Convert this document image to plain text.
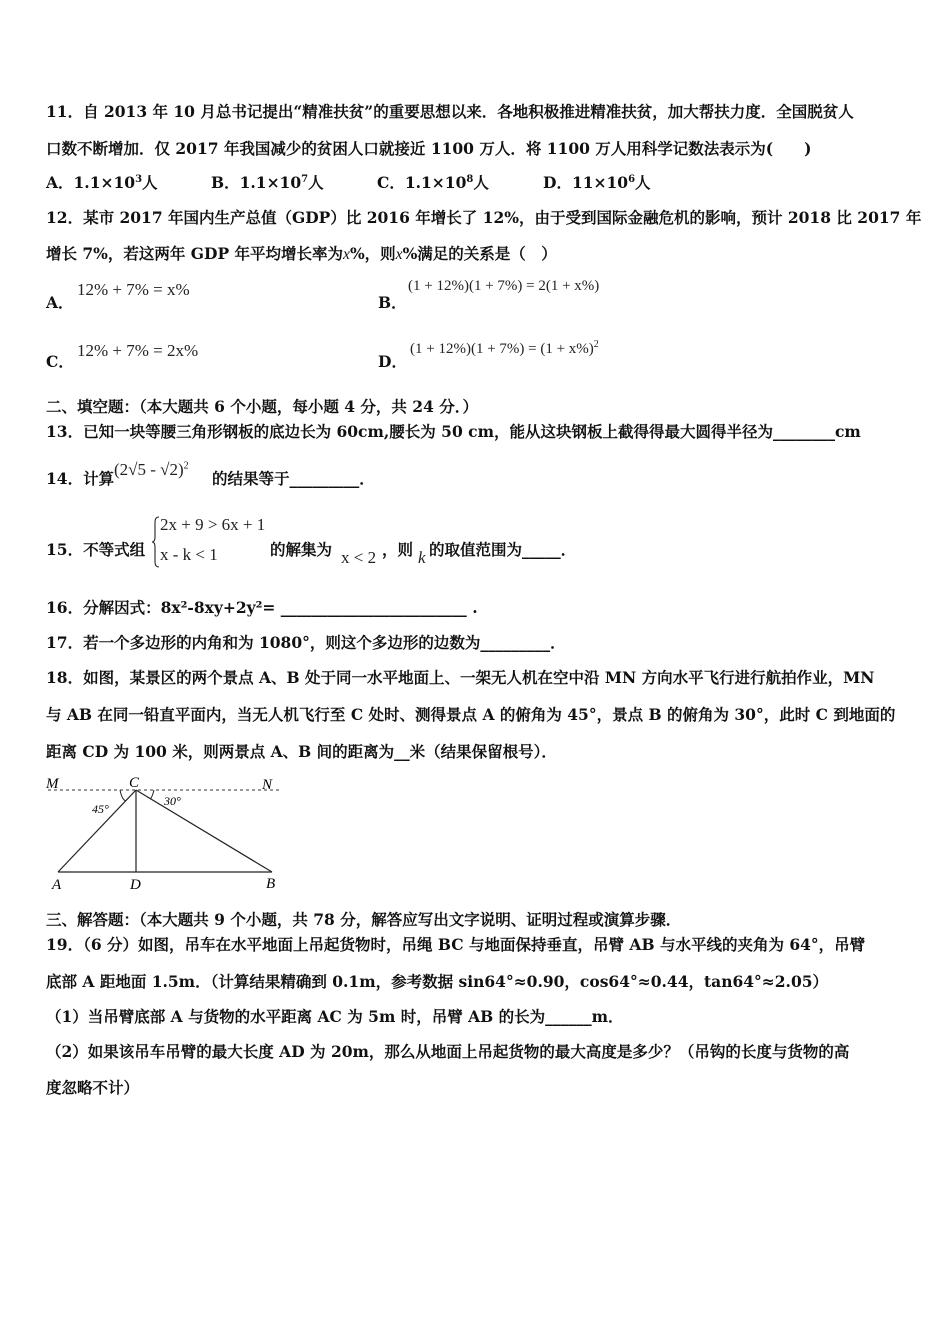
11．自 2013 年 10 月总书记提出“精准扶贫”的重要思想以来．各地积极推进精准扶贫，加大帮扶力度．全国脱贫人
口数不断增加．仅 2017 年我国减少的贫困人口就接近 1100 万人．将 1100 万人用科学记数法表示为(　　)
A．$1.1\times 10^3$人	B．$1.1\times 10^7$人	C．$1.1\times 10^8$人	D．$11\times 10^6$人
12．某市 2017 年国内生产总值（GDP）比 2016 年增长了 12%，由于受到国际金融危机的影响，预计 2018 比 2017 年
增长 7%，若这两年 GDP 年平均增长率为x%，则x%满足的关系是（　）
A．
12% + 7% = x%
B．
(1 + 12%)(1 + 7%) = 2(1 + x%)
C．
12% + 7% = 2x%
D．
$(1 + 12\%)(1 + 7\%) = (1 + x\%)^2$
二、填空题：（本大题共 6 个小题，每小题 4 分，共 24 分．）
13．已知一块等腰三角形钢板的底边长为 60cm,腰长为 50 cm，能从这块钢板上截得得最大圆得半径为________cm
14．计算 (2√5 - √2)$^2$
的结果等于_________．
15．不等式组
2x + 9 > 6x + 1
x - k < 1	的解集为 x < 2 ，则 k 的取值范围为_____．
16．分解因式：8x²-8xy+2y²= ________________________ .
17．若一个多边形的内角和为 1080°，则这个多边形的边数为_________．
18．如图，某景区的两个景点 A、B 处于同一水平地面上、一架无人机在空中沿 MN 方向水平飞行进行航拍作业，MN
与 AB 在同一铅直平面内，当无人机飞行至 C 处时、测得景点 A 的俯角为 45°，景点 B 的俯角为 30°，此时 C 到地面的
距离 CD 为 100 米，则两景点 A、B 间的距离为__米（结果保留根号）．
M	C	N
A	D	B
45°
30°
三、解答题：（本大题共 9 个小题，共 78 分，解答应写出文字说明、证明过程或演算步骤．
19．（6 分）如图，吊车在水平地面上吊起货物时，吊绳 BC 与地面保持垂直，吊臂 AB 与水平线的夹角为 64°，吊臂
底部 A 距地面 1.5m．（计算结果精确到 0.1m，参考数据 sin64°≈0.90，cos64°≈0.44，tan64°≈2.05）
（1）当吊臂底部 A 与货物的水平距离 AC 为 5m 时，吊臂 AB 的长为______m．
（2）如果该吊车吊臂的最大长度 AD 为 20m，那么从地面上吊起货物的最大高度是多少？（吊钩的长度与货物的高
度忽略不计）
